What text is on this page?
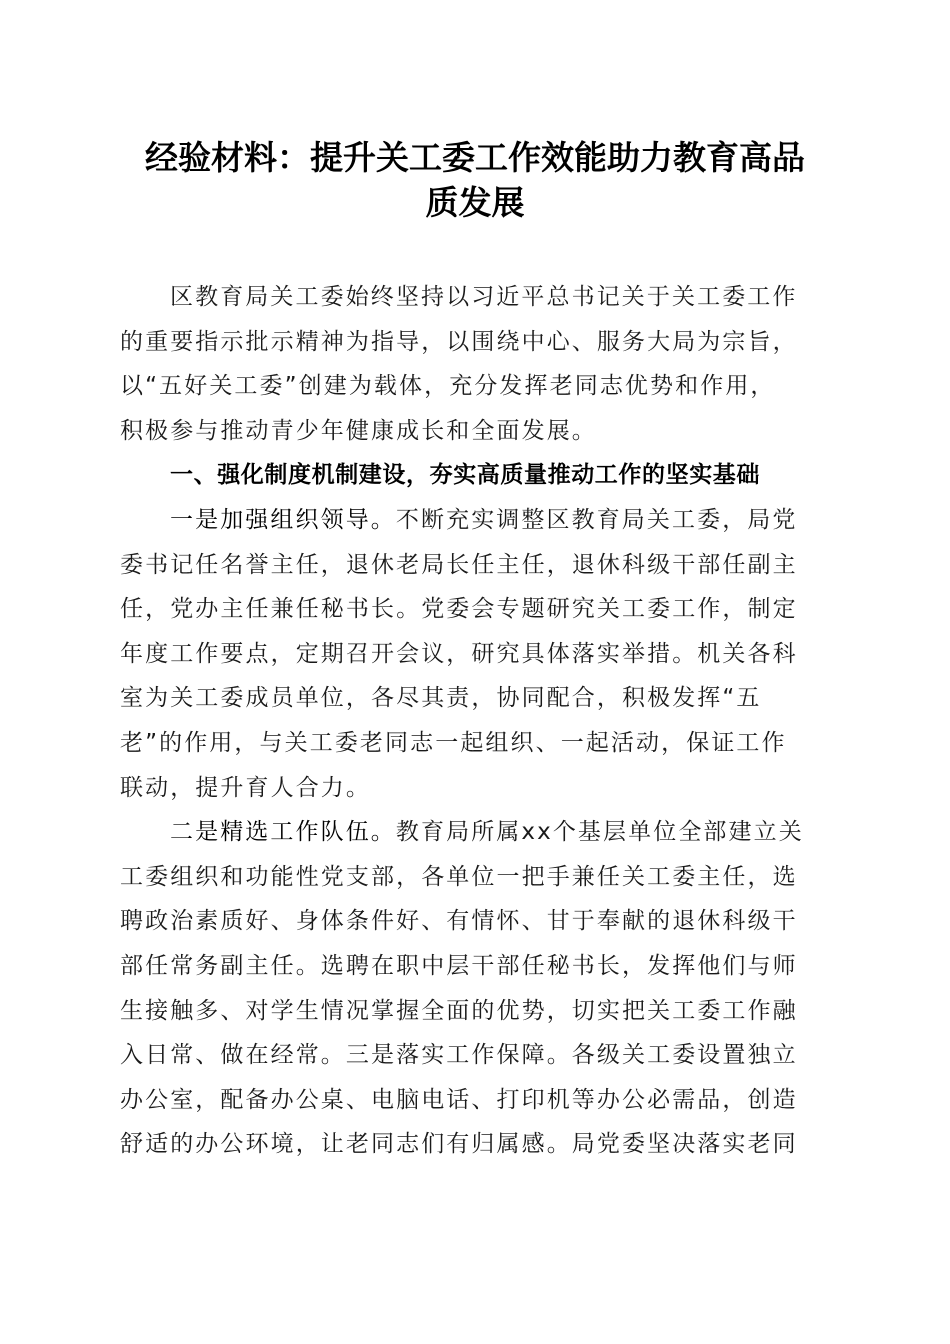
经验材料：提升关工委工作效能助力教育高品
质发展
区教育局关工委始终坚持以习近平总书记关于关工委工作
的重要指示批示精神为指导，以围绕中心、服务大局为宗旨，
以“五好关工委”创建为载体，充分发挥老同志优势和作用，
积极参与推动青少年健康成长和全面发展。
一、强化制度机制建设，夯实高质量推动工作的坚实基础
一是加强组织领导。不断充实调整区教育局关工委，局党
委书记任名誉主任，退休老局长任主任，退休科级干部任副主
任，党办主任兼任秘书长。党委会专题研究关工委工作，制定
年度工作要点，定期召开会议，研究具体落实举措。机关各科
室为关工委成员单位，各尽其责，协同配合，积极发挥“五
老”的作用，与关工委老同志一起组织、一起活动，保证工作
联动，提升育人合力。
二是精选工作队伍。教育局所属xx个基层单位全部建立关
工委组织和功能性党支部，各单位一把手兼任关工委主任，选
聘政治素质好、身体条件好、有情怀、甘于奉献的退休科级干
部任常务副主任。选聘在职中层干部任秘书长，发挥他们与师
生接触多、对学生情况掌握全面的优势，切实把关工委工作融
入日常、做在经常。三是落实工作保障。各级关工委设置独立
办公室，配备办公桌、电脑电话、打印机等办公必需品，创造
舒适的办公环境，让老同志们有归属感。局党委坚决落实老同
